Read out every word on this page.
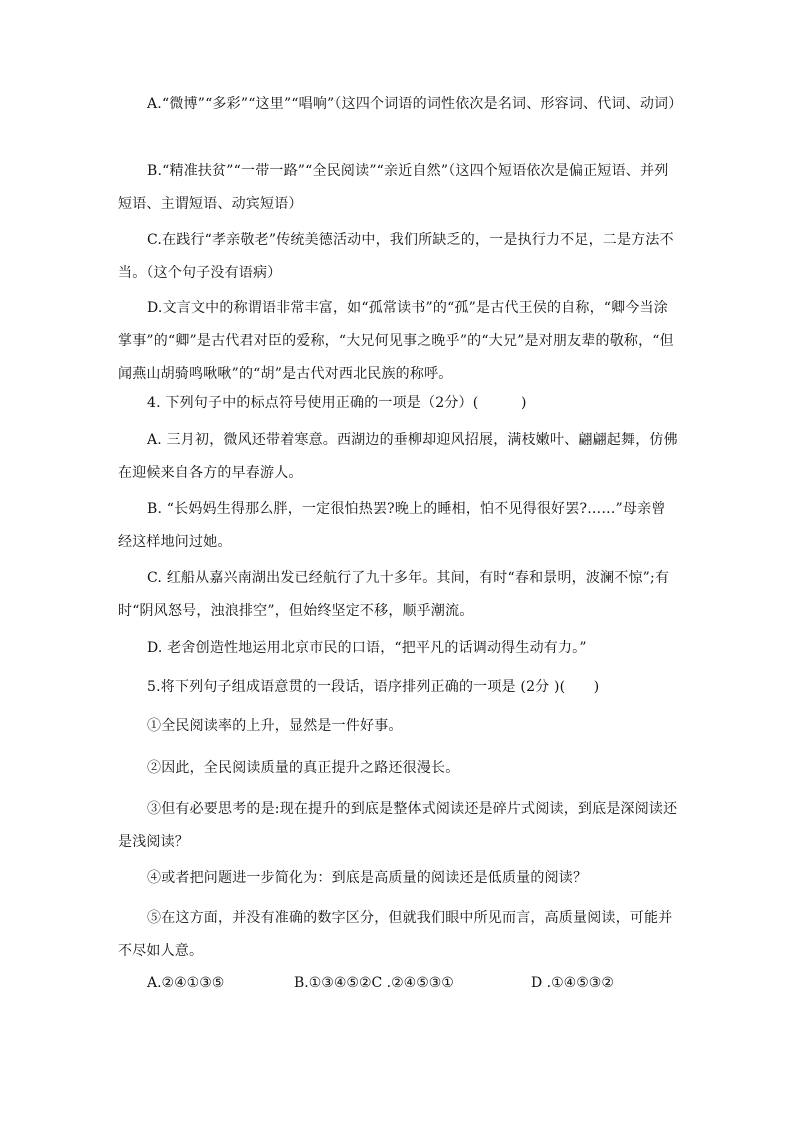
A.“微博”“多彩”“这里”“唱响”（这四个词语的词性依次是名词、形容词、代词、动词）

B.“精准扶贫”“一带一路”“全民阅读”“亲近自然”（这四个短语依次是偏正短语、并列短语、主谓短语、动宾短语）

C.在践行“孝亲敬老”传统美德活动中，我们所缺乏的，一是执行力不足，二是方法不当。（这个句子没有语病）

D.文言文中的称谓语非常丰富，如“孤常读书”的“孤”是古代王侯的自称，“卿今当涂掌事”的“卿”是古代君对臣的爱称，“大兄何见事之晚乎”的“大兄”是对朋友辈的敬称，“但闻燕山胡骑鸣啾啾”的“胡”是古代对西北民族的称呼。

4. 下列句子中的标点符号使用正确的一项是（2分）(　　　)

A. 三月初，微风还带着寒意。西湖边的垂柳却迎风招展，满枝嫩叶、翩翩起舞，仿佛在迎候来自各方的早春游人。

B. “长妈妈生得那么胖，一定很怕热罢?晚上的睡相，怕不见得很好罢?……”母亲曾经这样地问过她。

C. 红船从嘉兴南湖出发已经航行了九十多年。其间，有时“春和景明，波澜不惊”;有时“阴风怒号，浊浪排空”，但始终坚定不移，顺乎潮流。

D. 老舍创造性地运用北京市民的口语，“把平凡的话调动得生动有力。”

5.将下列句子组成语意贯的一段话，语序排列正确的一项是 (2分 )(　　)

①全民阅读率的上升，显然是一件好事。

②因此，全民阅读质量的真正提升之路还很漫长。

③但有必要思考的是:现在提升的到底是整体式阅读还是碎片式阅读，到底是深阅读还是浅阅读？

④或者把问题进一步简化为：到底是高质量的阅读还是低质量的阅读？

⑤在这方面，并没有准确的数字区分，但就我们眼中所见而言，高质量阅读，可能并不尽如人意。

A.②④①③⑤	B.①③④⑤②C .②④⑤③①	D .①④⑤③②
